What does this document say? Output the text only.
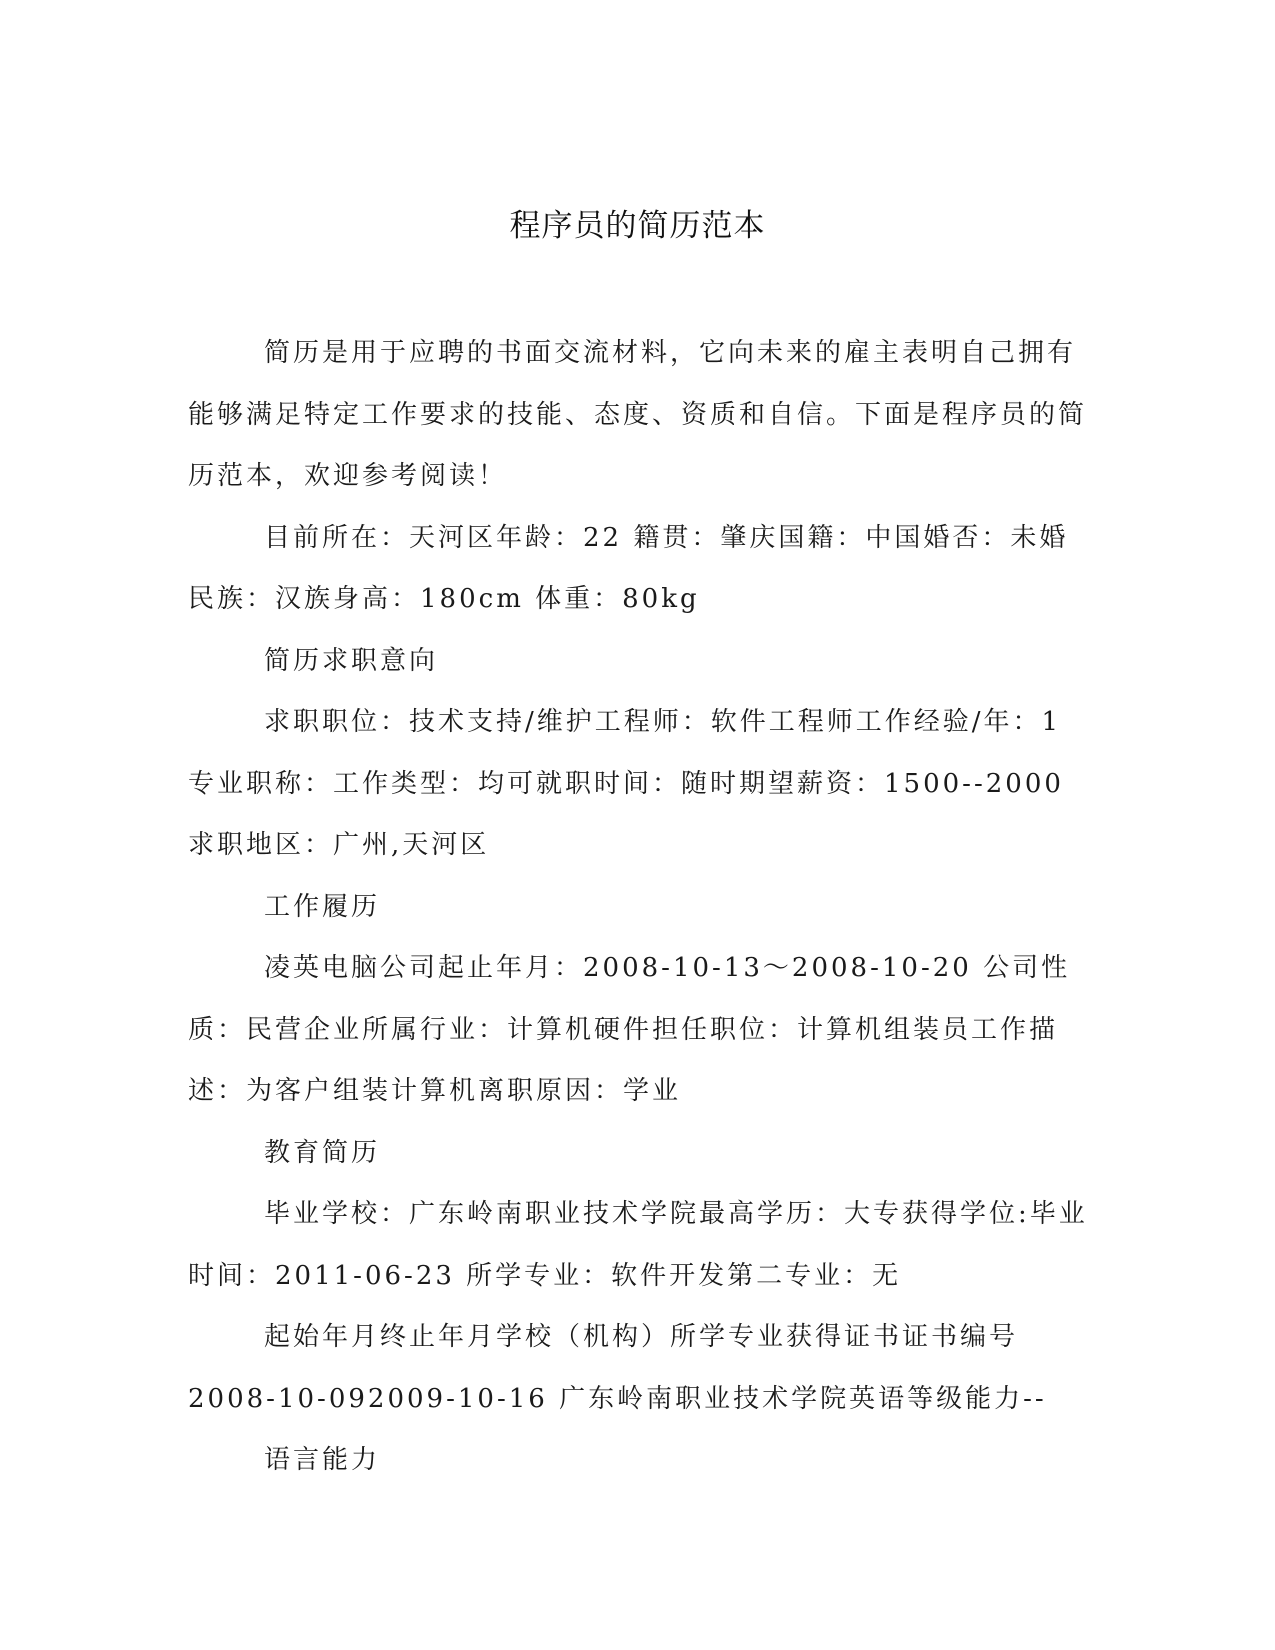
程序员的简历范本

简历是用于应聘的书面交流材料，它向未来的雇主表明自己拥有能够满足特定工作要求的技能、态度、资质和自信。下面是程序员的简历范本，欢迎参考阅读！

目前所在：天河区年龄：22 籍贯：肇庆国籍：中国婚否：未婚民族：汉族身高：180cm 体重：80kg

简历求职意向

求职职位：技术支持/维护工程师：软件工程师工作经验/年：1 专业职称：工作类型：均可就职时间：随时期望薪资：1500--2000 求职地区：广州,天河区

工作履历

凌英电脑公司起止年月：2008-10-13～2008-10-20 公司性质：民营企业所属行业：计算机硬件担任职位：计算机组装员工作描述：为客户组装计算机离职原因：学业

教育简历

毕业学校：广东岭南职业技术学院最高学历：大专获得学位:毕业时间：2011-06-23 所学专业：软件开发第二专业：无

起始年月终止年月学校（机构）所学专业获得证书证书编号 2008-10-092009-10-16 广东岭南职业技术学院英语等级能力--

语言能力
